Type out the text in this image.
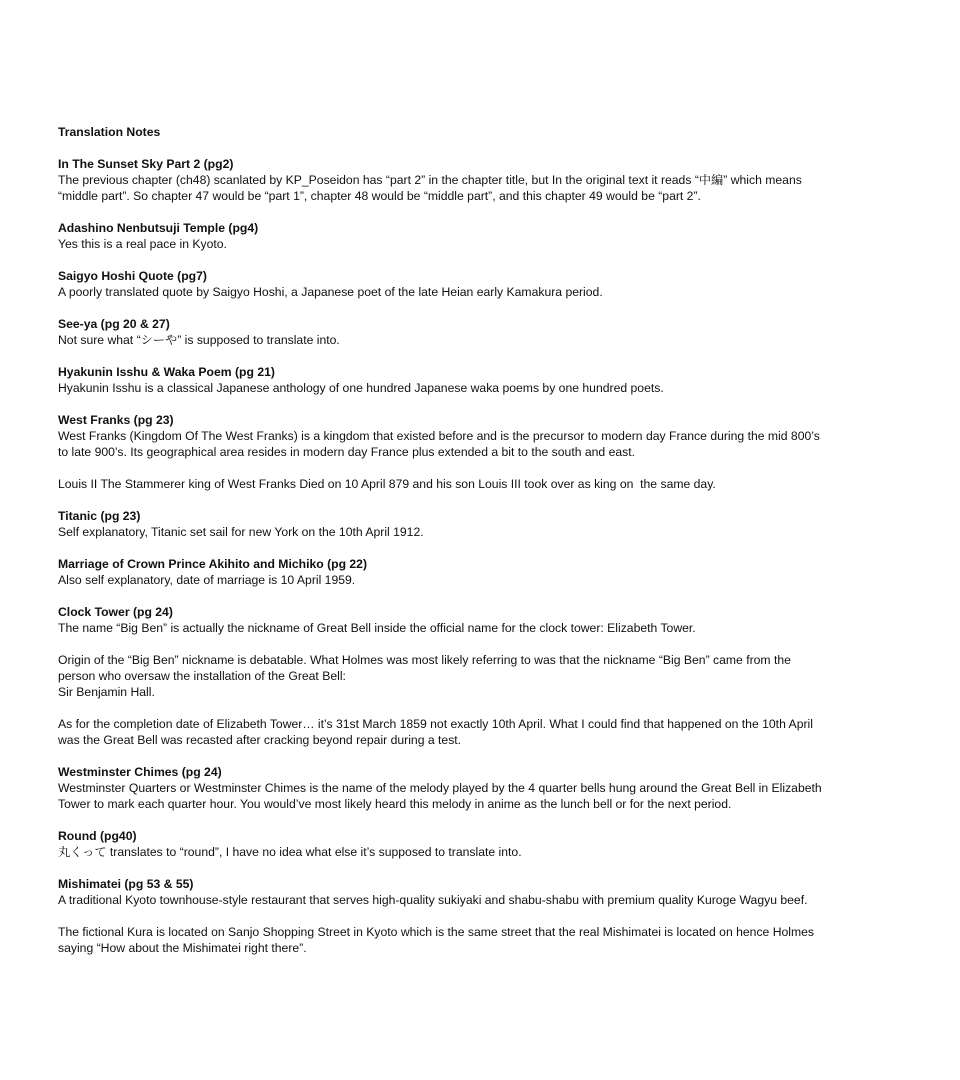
Translation Notes
In The Sunset Sky Part 2 (pg2)
The previous chapter (ch48) scanlated by KP_Poseidon has “part 2” in the chapter title, but In the original text it reads “中編” which means
“middle part”. So chapter 47 would be “part 1”, chapter 48 would be “middle part”, and this chapter 49 would be “part 2”.
Adashino Nenbutsuji Temple (pg4)
Yes this is a real pace in Kyoto.
Saigyo Hoshi Quote (pg7)
A poorly translated quote by Saigyo Hoshi, a Japanese poet of the late Heian early Kamakura period.
See-ya (pg 20 & 27)
Not sure what “シーや” is supposed to translate into.
Hyakunin Isshu & Waka Poem (pg 21)
Hyakunin Isshu is a classical Japanese anthology of one hundred Japanese waka poems by one hundred poets.
West Franks (pg 23)
West Franks (Kingdom Of The West Franks) is a kingdom that existed before and is the precursor to modern day France during the mid 800’s
to late 900’s. Its geographical area resides in modern day France plus extended a bit to the south and east.
Louis II The Stammerer king of West Franks Died on 10 April 879 and his son Louis III took over as king on  the same day.
Titanic (pg 23)
Self explanatory, Titanic set sail for new York on the 10th April 1912.
Marriage of Crown Prince Akihito and Michiko (pg 22)
Also self explanatory, date of marriage is 10 April 1959.
Clock Tower (pg 24)
The name “Big Ben” is actually the nickname of Great Bell inside the official name for the clock tower: Elizabeth Tower.
Origin of the “Big Ben” nickname is debatable. What Holmes was most likely referring to was that the nickname “Big Ben” came from the
person who oversaw the installation of the Great Bell:
Sir Benjamin Hall.
As for the completion date of Elizabeth Tower… it’s 31st March 1859 not exactly 10th April. What I could find that happened on the 10th April
was the Great Bell was recasted after cracking beyond repair during a test.
Westminster Chimes (pg 24)
Westminster Quarters or Westminster Chimes is the name of the melody played by the 4 quarter bells hung around the Great Bell in Elizabeth
Tower to mark each quarter hour. You would’ve most likely heard this melody in anime as the lunch bell or for the next period.
Round (pg40)
丸くって translates to “round”, I have no idea what else it’s supposed to translate into.
Mishimatei (pg 53 & 55)
A traditional Kyoto townhouse-style restaurant that serves high-quality sukiyaki and shabu-shabu with premium quality Kuroge Wagyu beef.
The fictional Kura is located on Sanjo Shopping Street in Kyoto which is the same street that the real Mishimatei is located on hence Holmes
saying “How about the Mishimatei right there”.
